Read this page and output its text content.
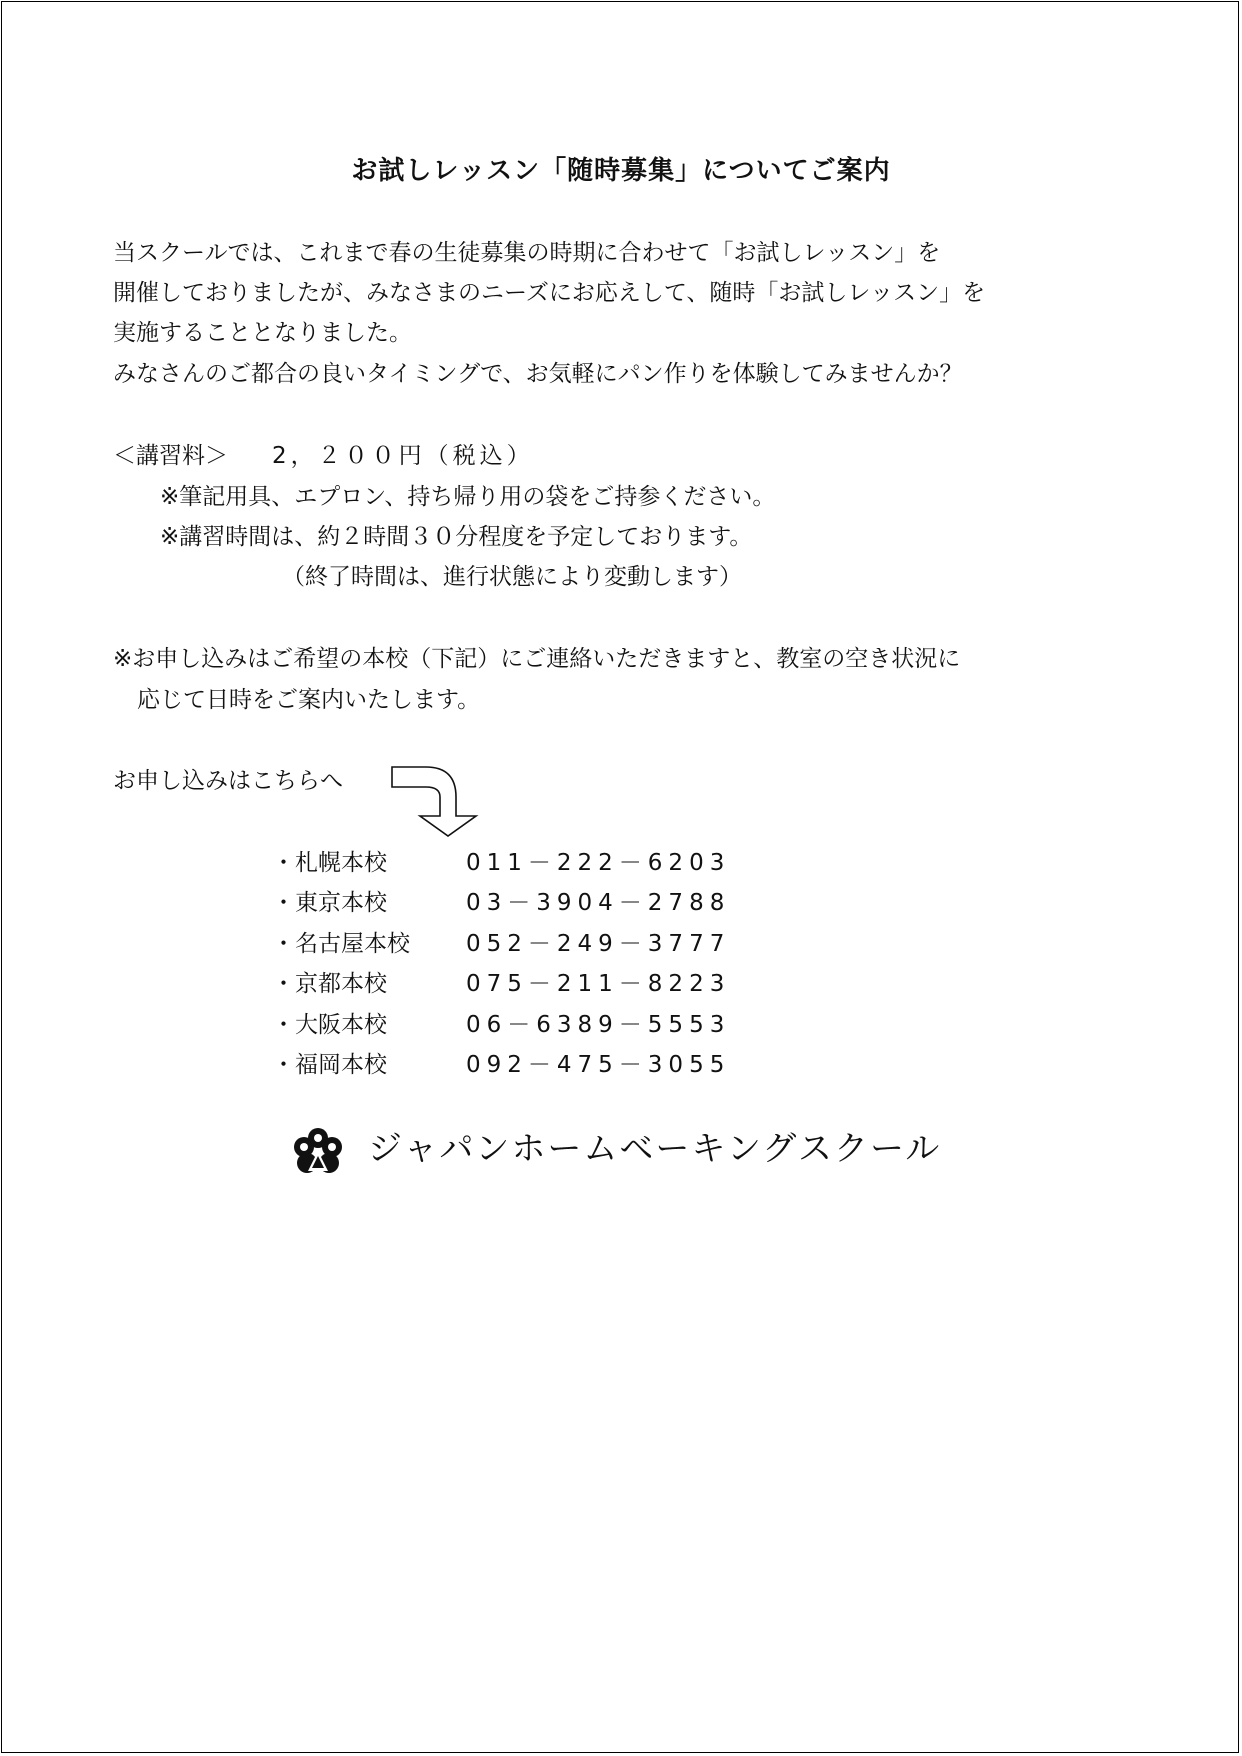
お試しレッスン「随時募集」についてご案内
当スクールでは、これまで春の生徒募集の時期に合わせて「お試しレッスン」を
開催しておりましたが、みなさまのニーズにお応えして、随時「お試しレッスン」を
実施することとなりました。
みなさんのご都合の良いタイミングで、お気軽にパン作りを体験してみませんか？
＜講習料＞ 2，２００円（税込）
※筆記用具、エプロン、持ち帰り用の袋をご持参ください。
※講習時間は、約２時間３０分程度を予定しております。
（終了時間は、進行状態により変動します）
※お申し込みはご希望の本校（下記）にご連絡いただきますと、教室の空き状況に
応じて日時をご案内いたします。
お申し込みはこちらへ
・札幌本校	011－222－6203
・東京本校	03－3904－2788
・名古屋本校 052－249－3777
・京都本校	075－211－8223
・大阪本校	06－6389－5553
・福岡本校	092－475－3055
ジャパンホームベーキングスクール
